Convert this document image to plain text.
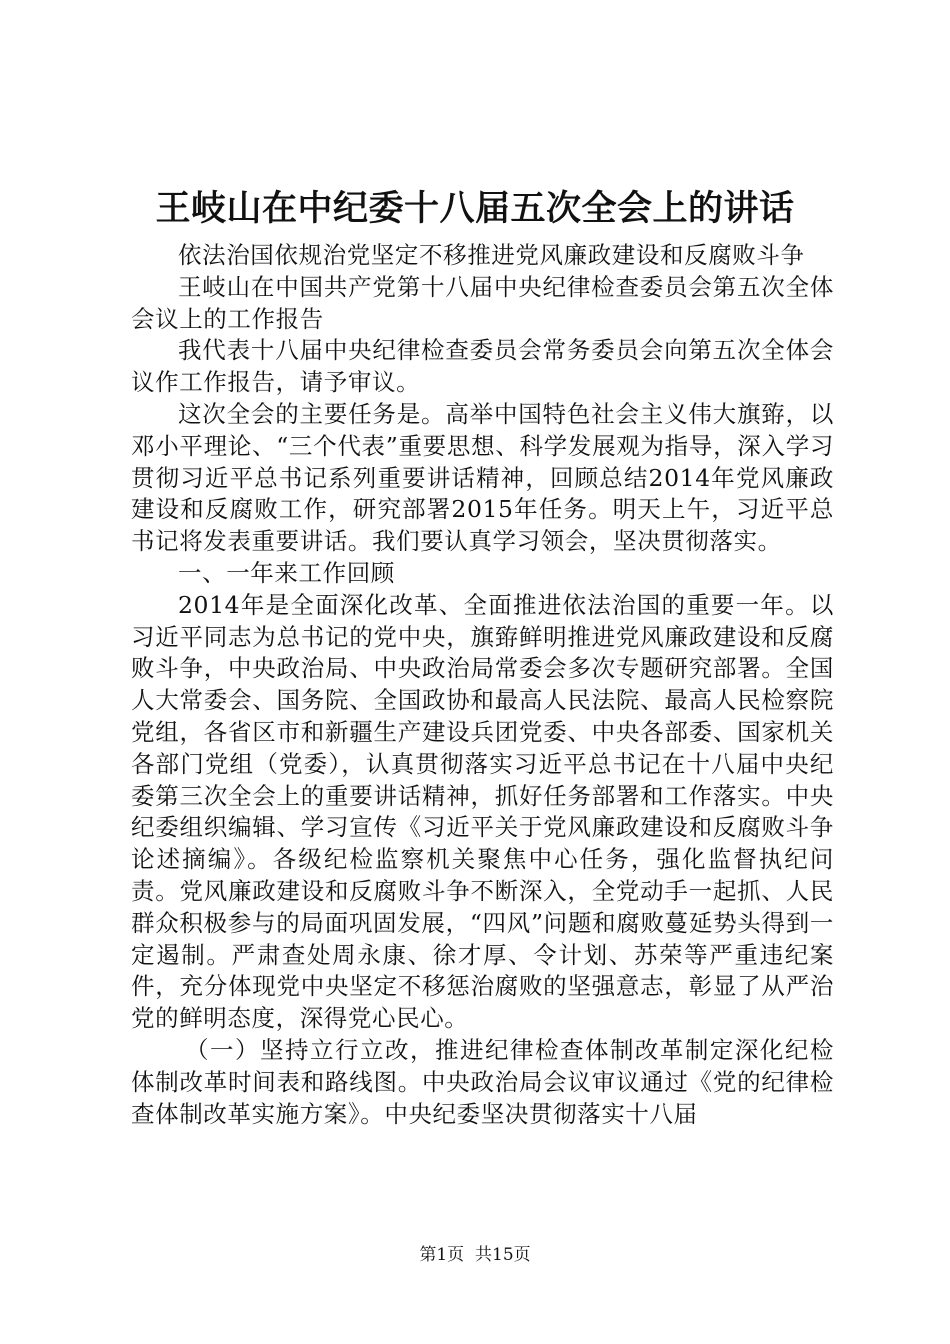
王岐山在中纪委十八届五次全会上的讲话

依法治国依规治党坚定不移推进党风廉政建设和反腐败斗争

王岐山在中国共产党第十八届中央纪律检查委员会第五次全体会议上的工作报告

我代表十八届中央纪律检查委员会常务委员会向第五次全体会议作工作报告，请予审议。

这次全会的主要任务是。高举中国特色社会主义伟大旗臶，以邓小平理论、“三个代表”重要思想、科学发展观为指导，深入学习贯彻习近平总书记系列重要讲话精神，回顾总结2014年党风廉政建设和反腐败工作，研究部署2015年任务。明天上午，习近平总书记将发表重要讲话。我们要认真学习领会，坚决贯彻落实。

一、一年来工作回顾

2014年是全面深化改革、全面推进依法治国的重要一年。以习近平同志为总书记的党中央，旗臶鲜明推进党风廉政建设和反腐败斗争，中央政治局、中央政治局常委会多次专题研究部署。全国人大常委会、国务院、全国政协和最高人民法院、最高人民检察院党组，各省区市和新疆生产建设兵团党委、中央各部委、国家机关各部门党组（党委），认真贯彻落实习近平总书记在十八届中央纪委第三次全会上的重要讲话精神，抓好任务部署和工作落实。中央纪委组织编辑、学习宣传《习近平关于党风廉政建设和反腐败斗争论述摘编》。各级纪检监察机关聚焦中心任务，强化监督执纪问责。党风廉政建设和反腐败斗争不断深入，全党动手一起抓、人民群众积极参与的局面巩固发展，“四风”问题和腐败蔓延势头得到一定遏制。严肃查处周永康、徐才厚、令计划、苏荣等严重违纪案件，充分体现党中央坚定不移惩治腐败的坚强意志，彰显了从严治党的鲜明态度，深得党心民心。

（一）坚持立行立改，推进纪律检查体制改革制定深化纪检体制改革时间表和路线图。中央政治局会议审议通过《党的纪律检查体制改革实施方案》。中央纪委坚决贯彻落实十八届

第1页 共15页
